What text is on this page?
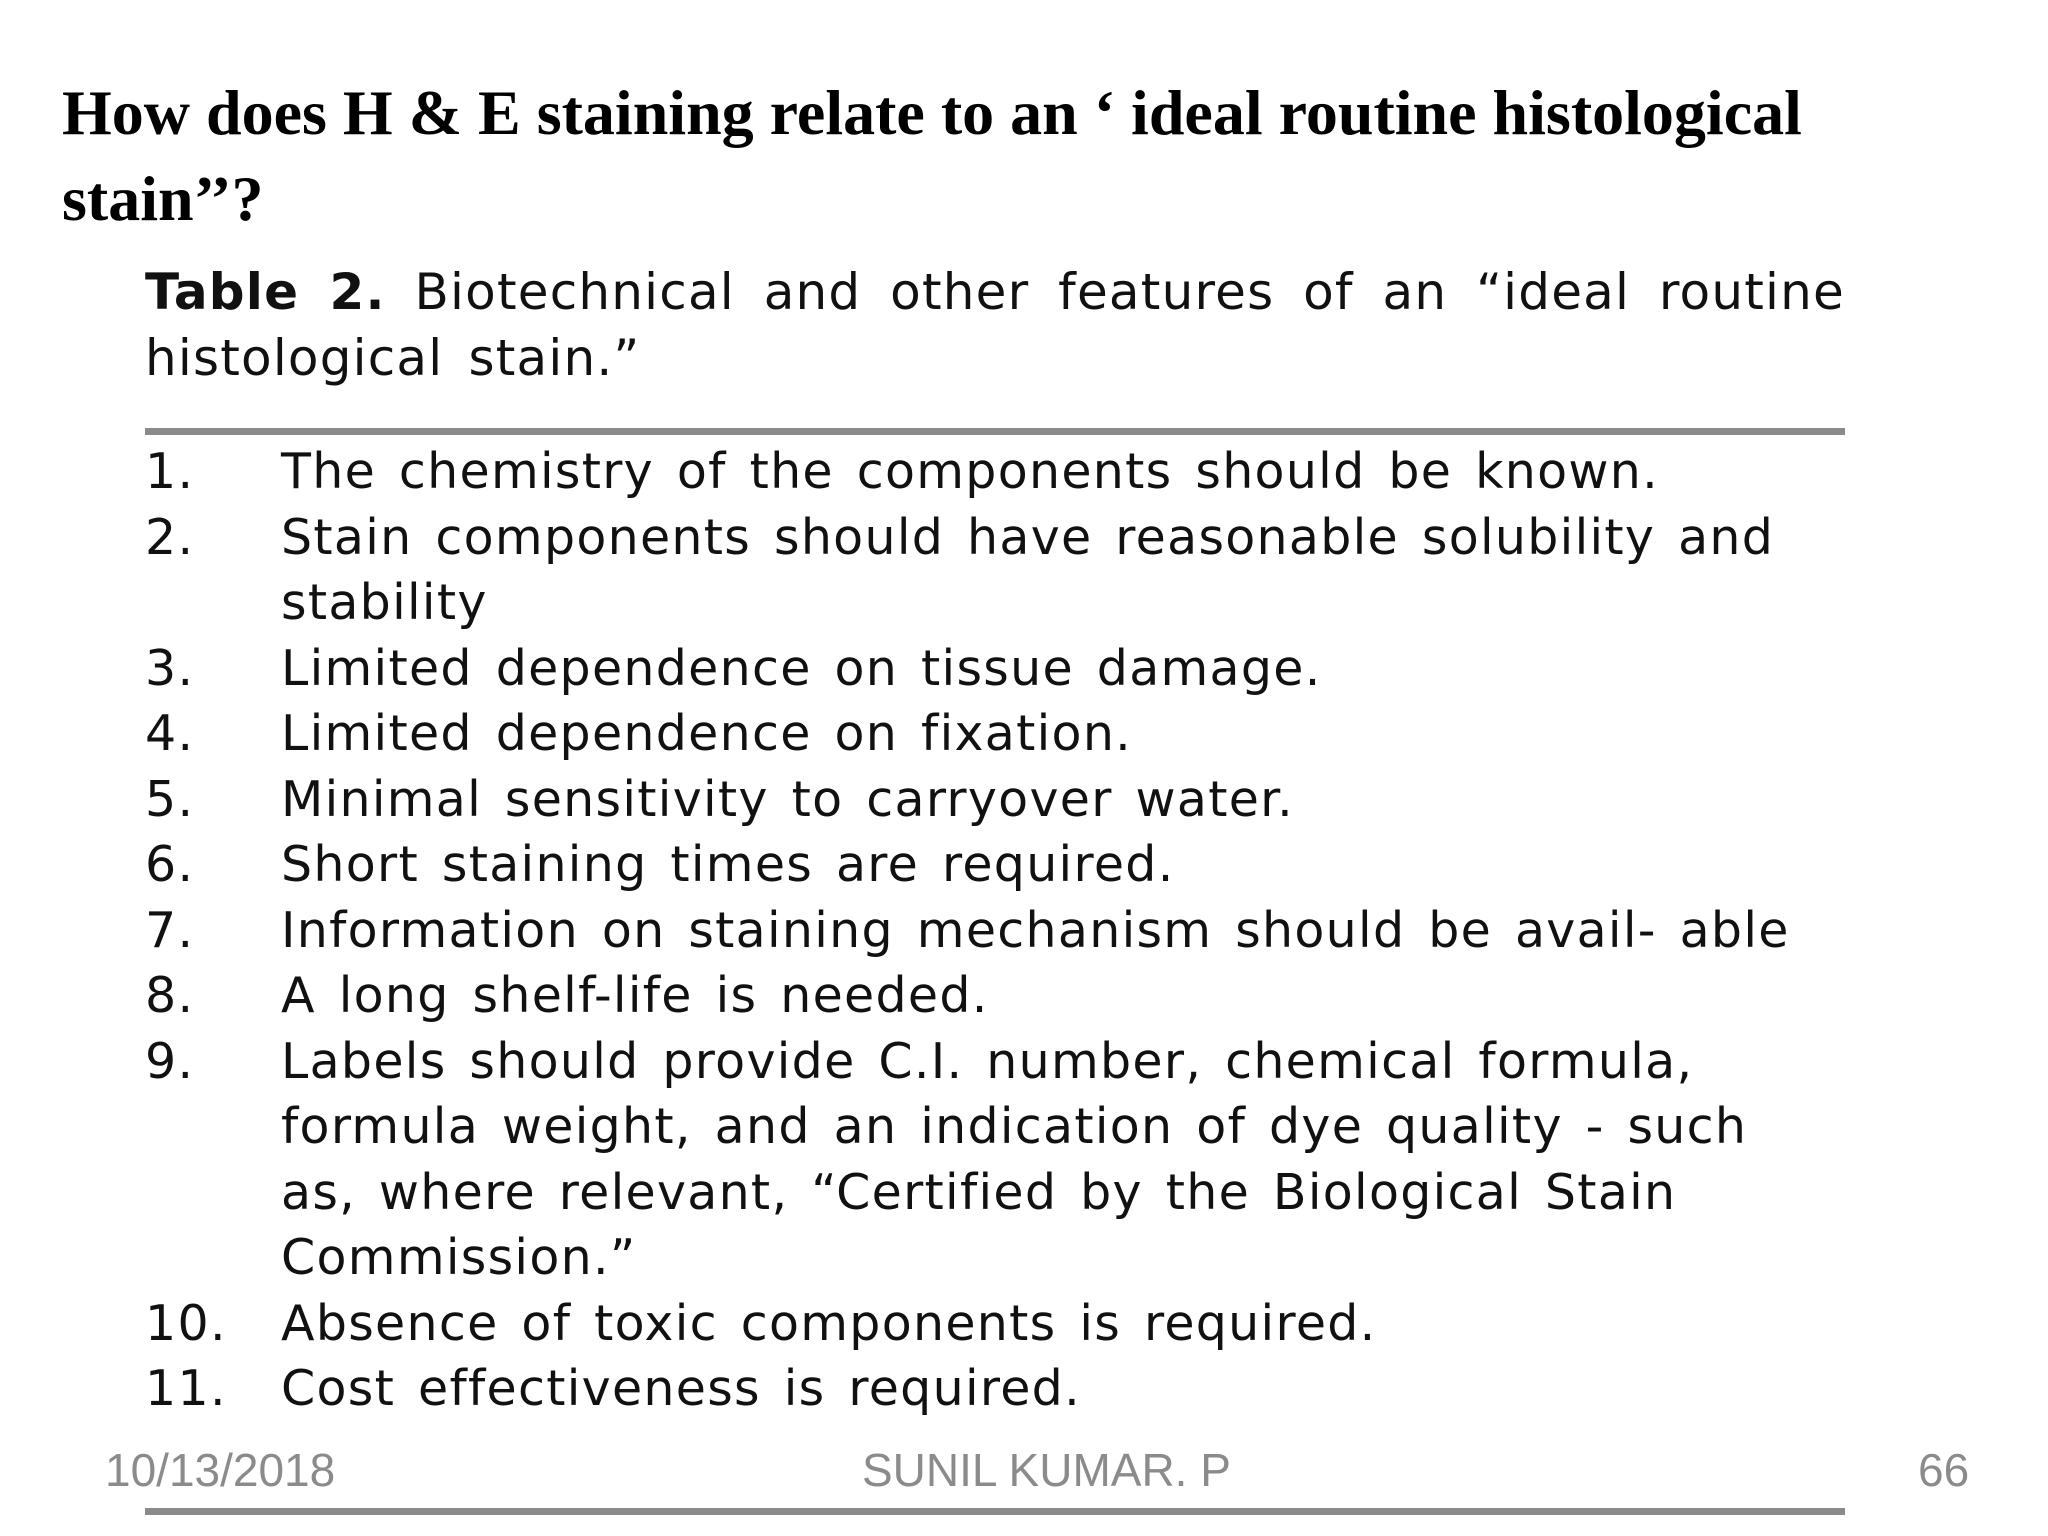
How does H & E staining relate to an ‘ ideal routine histological stain’’?
Table 2. Biotechnical and other features of an “ideal routine histological stain.”
1. The chemistry of the components should be known.
2. Stain components should have reasonable solubility and stability
3. Limited dependence on tissue damage.
4. Limited dependence on fixation.
5. Minimal sensitivity to carryover water.
6. Short staining times are required.
7. Information on staining mechanism should be avail- able
8. A long shelf-life is needed.
9. Labels should provide C.I. number, chemical formula, formula weight, and an indication of dye quality - such as, where relevant, “Certified by the Biological Stain Commission.”
10. Absence of toxic components is required.
11. Cost effectiveness is required.
10/13/2018	SUNIL KUMAR. P	66
